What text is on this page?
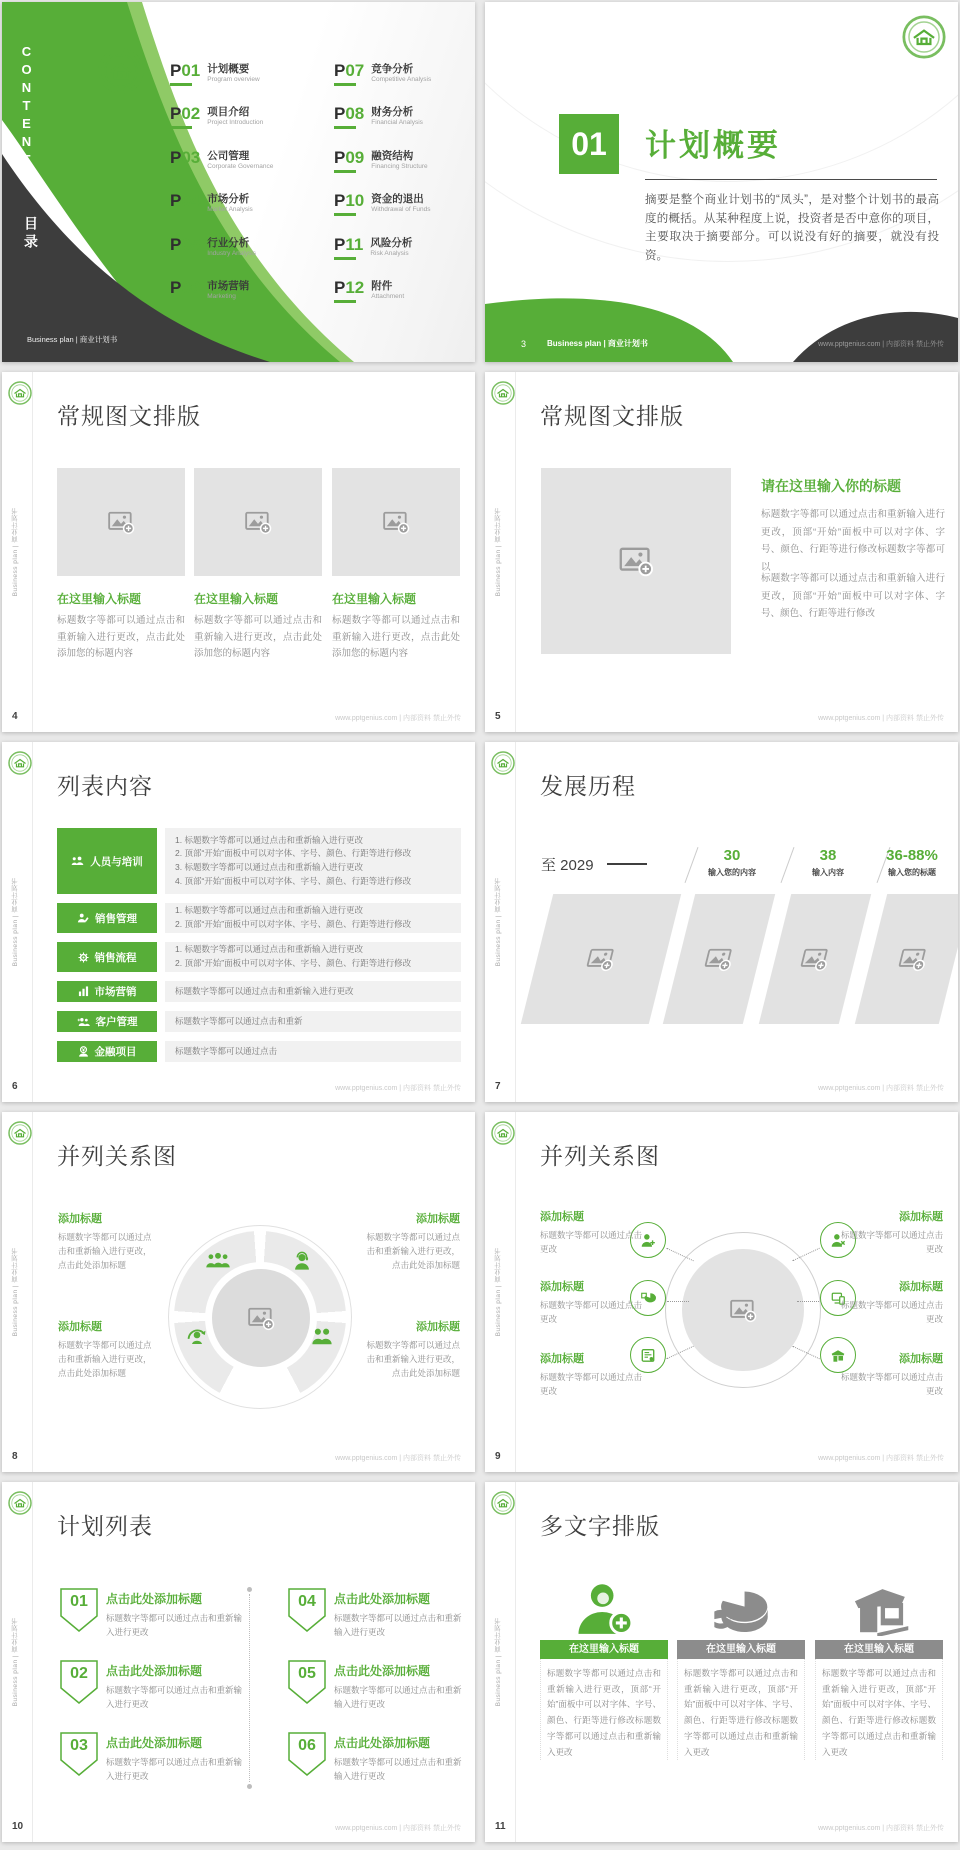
CONTENTS
目录
Business plan | 商业计划书
P01 计划概要
Program overview
P02 项目介绍
Project Introduction
P03 公司管理
Corporate Governance
P04 市场分析
Market Analysis
P05 行业分析
Industry Analysis
P06 市场营销
Marketing
P07 竞争分析
Competitive Analysis
P08 财务分析
Financial Analysis
P09 融资结构
Financing Structure
P10 资金的退出
Withdrawal of Funds
P11 风险分析
Risk Analysis
P12 附件
Attachment
01	计划概要
摘要是整个商业计划书的“凤头”，是对整个计划书的最高度的概括。从某种程度上说，投资者是否中意你的项目，主要取决于摘要部分。可以说没有好的摘要，就没有投资。
3	Business plan | 商业计划书	www.pptgenius.com | 内部资料 禁止外传
Business plan | 商业计划书
常规图文排版
4	www.pptgenius.com | 内部资料 禁止外传
在这里输入标题
标题数字等都可以通过点击和重新输入进行更改，点击此处添加您的标题内容
在这里输入标题
标题数字等都可以通过点击和重新输入进行更改，点击此处添加您的标题内容
在这里输入标题
标题数字等都可以通过点击和重新输入进行更改，点击此处添加您的标题内容
Business plan | 商业计划书
常规图文排版
5	www.pptgenius.com | 内部资料 禁止外传
请在这里输入你的标题
标题数字等都可以通过点击和重新输入进行更改，顶部“开始”面板中可以对字体、字号、颜色、行距等进行修改标题数字等都可以
标题数字等都可以通过点击和重新输入进行更改，顶部“开始”面板中可以对字体、字号、颜色、行距等进行修改
Business plan | 商业计划书
列表内容
6	www.pptgenius.com | 内部资料 禁止外传
人员与培训
1. 标题数字等都可以通过点击和重新输入进行更改
2. 顶部“开始”面板中可以对字体、字号、颜色、行距等进行修改
3. 标题数字等都可以通过点击和重新输入进行更改
4. 顶部“开始”面板中可以对字体、字号、颜色、行距等进行修改
销售管理
1. 标题数字等都可以通过点击和重新输入进行更改
2. 顶部“开始”面板中可以对字体、字号、颜色、行距等进行修改
销售流程
1. 标题数字等都可以通过点击和重新输入进行更改
2. 顶部“开始”面板中可以对字体、字号、颜色、行距等进行修改
市场营销	标题数字等都可以通过点击和重新输入进行更改
客户管理	标题数字等都可以通过点击和重新
金融项目	标题数字等都可以通过点击
Business plan | 商业计划书
发展历程
7	www.pptgenius.com | 内部资料 禁止外传
至 2029
30
输入您的内容
38
输入内容
36-88%
输入您的标题
Business plan | 商业计划书
并列关系图
8	www.pptgenius.com | 内部资料 禁止外传
添加标题
标题数字等都可以通过点击和重新输入进行更改，点击此处添加标题
添加标题
标题数字等都可以通过点击和重新输入进行更改，点击此处添加标题
添加标题
标题数字等都可以通过点击和重新输入进行更改，点击此处添加标题
添加标题
标题数字等都可以通过点击和重新输入进行更改，点击此处添加标题
Business plan | 商业计划书
并列关系图
9	www.pptgenius.com | 内部资料 禁止外传
添加标题
标题数字等都可以通过点击更改
添加标题
标题数字等都可以通过点击更改
添加标题
标题数字等都可以通过点击更改
添加标题
标题数字等都可以通过点击更改
添加标题
标题数字等都可以通过点击更改
添加标题
标题数字等都可以通过点击更改
Business plan | 商业计划书
计划列表
10	www.pptgenius.com | 内部资料 禁止外传
01	点击此处添加标题
标题数字等都可以通过点击和重新输入进行更改
02	点击此处添加标题
标题数字等都可以通过点击和重新输入进行更改
03	点击此处添加标题
标题数字等都可以通过点击和重新输入进行更改
04	点击此处添加标题
标题数字等都可以通过点击和重新输入进行更改
05	点击此处添加标题
标题数字等都可以通过点击和重新输入进行更改
06	点击此处添加标题
标题数字等都可以通过点击和重新输入进行更改
Business plan | 商业计划书
多文字排版
11	www.pptgenius.com | 内部资料 禁止外传
在这里输入标题
标题数字等都可以通过点击和重新输入进行更改，顶部“开始”面板中可以对字体、字号、颜色、行距等进行修改标题数字等都可以通过点击和重新输入更改
在这里输入标题
标题数字等都可以通过点击和重新输入进行更改，顶部“开始”面板中可以对字体、字号、颜色、行距等进行修改标题数字等都可以通过点击和重新输入更改
在这里输入标题
标题数字等都可以通过点击和重新输入进行更改，顶部“开始”面板中可以对字体、字号、颜色、行距等进行修改标题数字等都可以通过点击和重新输入更改
